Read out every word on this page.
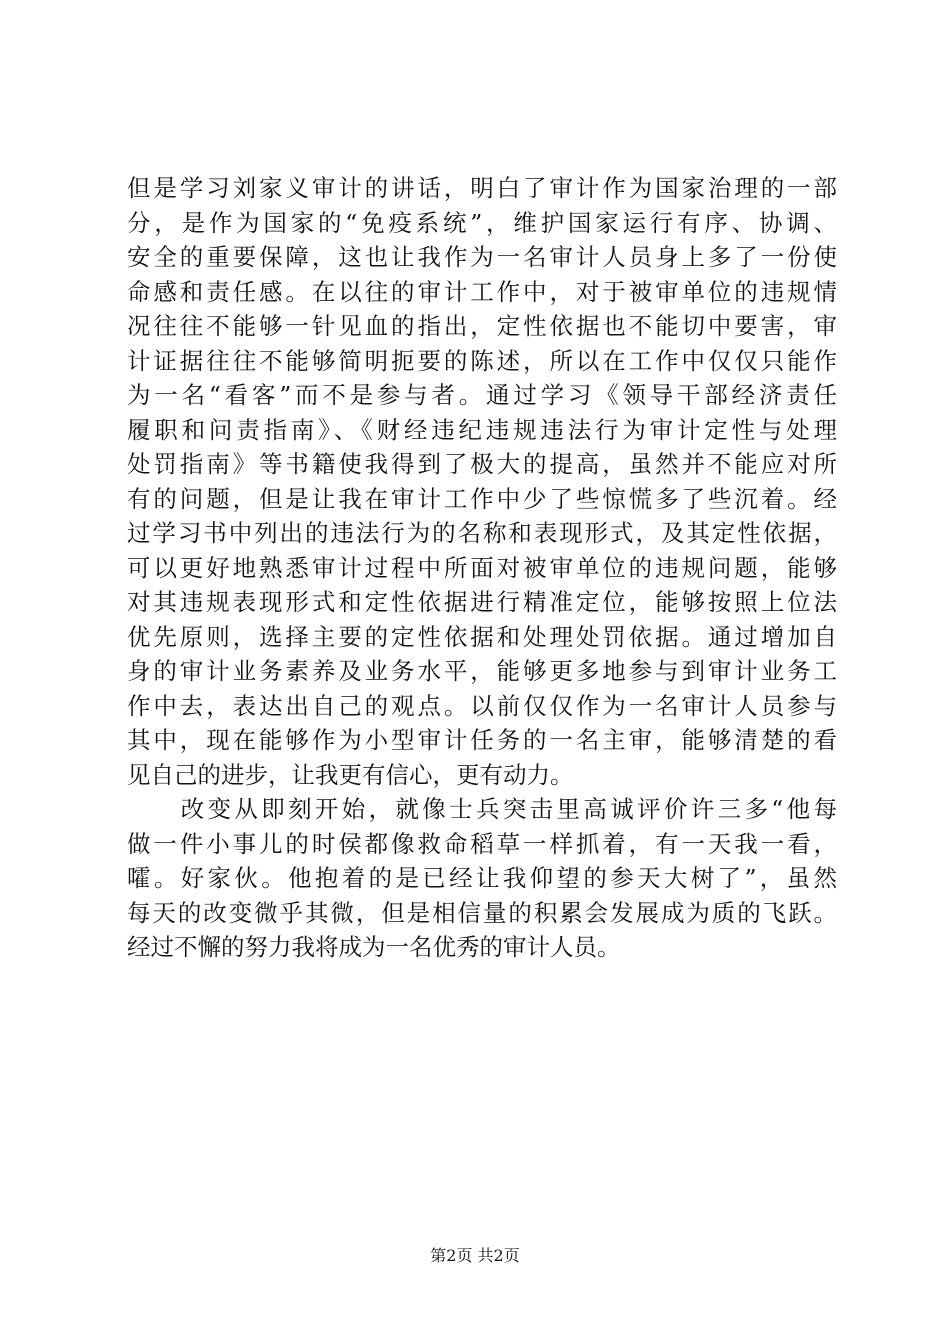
但是学习刘家义审计的讲话，明白了审计作为国家治理的一部
分，是作为国家的“免疫系统”，维护国家运行有序、协调、
安全的重要保障，这也让我作为一名审计人员身上多了一份使
命感和责任感。在以往的审计工作中，对于被审单位的违规情
况往往不能够一针见血的指出，定性依据也不能切中要害，审
计证据往往不能够简明扼要的陈述，所以在工作中仅仅只能作
为一名“看客”而不是参与者。通过学习《领导干部经济责任
履职和问责指南》、《财经违纪违规违法行为审计定性与处理
处罚指南》等书籍使我得到了极大的提高，虽然并不能应对所
有的问题，但是让我在审计工作中少了些惊慌多了些沉着。经
过学习书中列出的违法行为的名称和表现形式，及其定性依据，
可以更好地熟悉审计过程中所面对被审单位的违规问题，能够
对其违规表现形式和定性依据进行精准定位，能够按照上位法
优先原则，选择主要的定性依据和处理处罚依据。通过增加自
身的审计业务素养及业务水平，能够更多地参与到审计业务工
作中去，表达出自己的观点。以前仅仅作为一名审计人员参与
其中，现在能够作为小型审计任务的一名主审，能够清楚的看
见自己的进步，让我更有信心，更有动力。
　　改变从即刻开始，就像士兵突击里高诚评价许三多“他每
做一件小事儿的时侯都像救命稻草一样抓着，有一天我一看，
嚯。好家伙。他抱着的是已经让我仰望的参天大树了”，虽然
每天的改变微乎其微，但是相信量的积累会发展成为质的飞跃。
经过不懈的努力我将成为一名优秀的审计人员。
第2页 共2页
